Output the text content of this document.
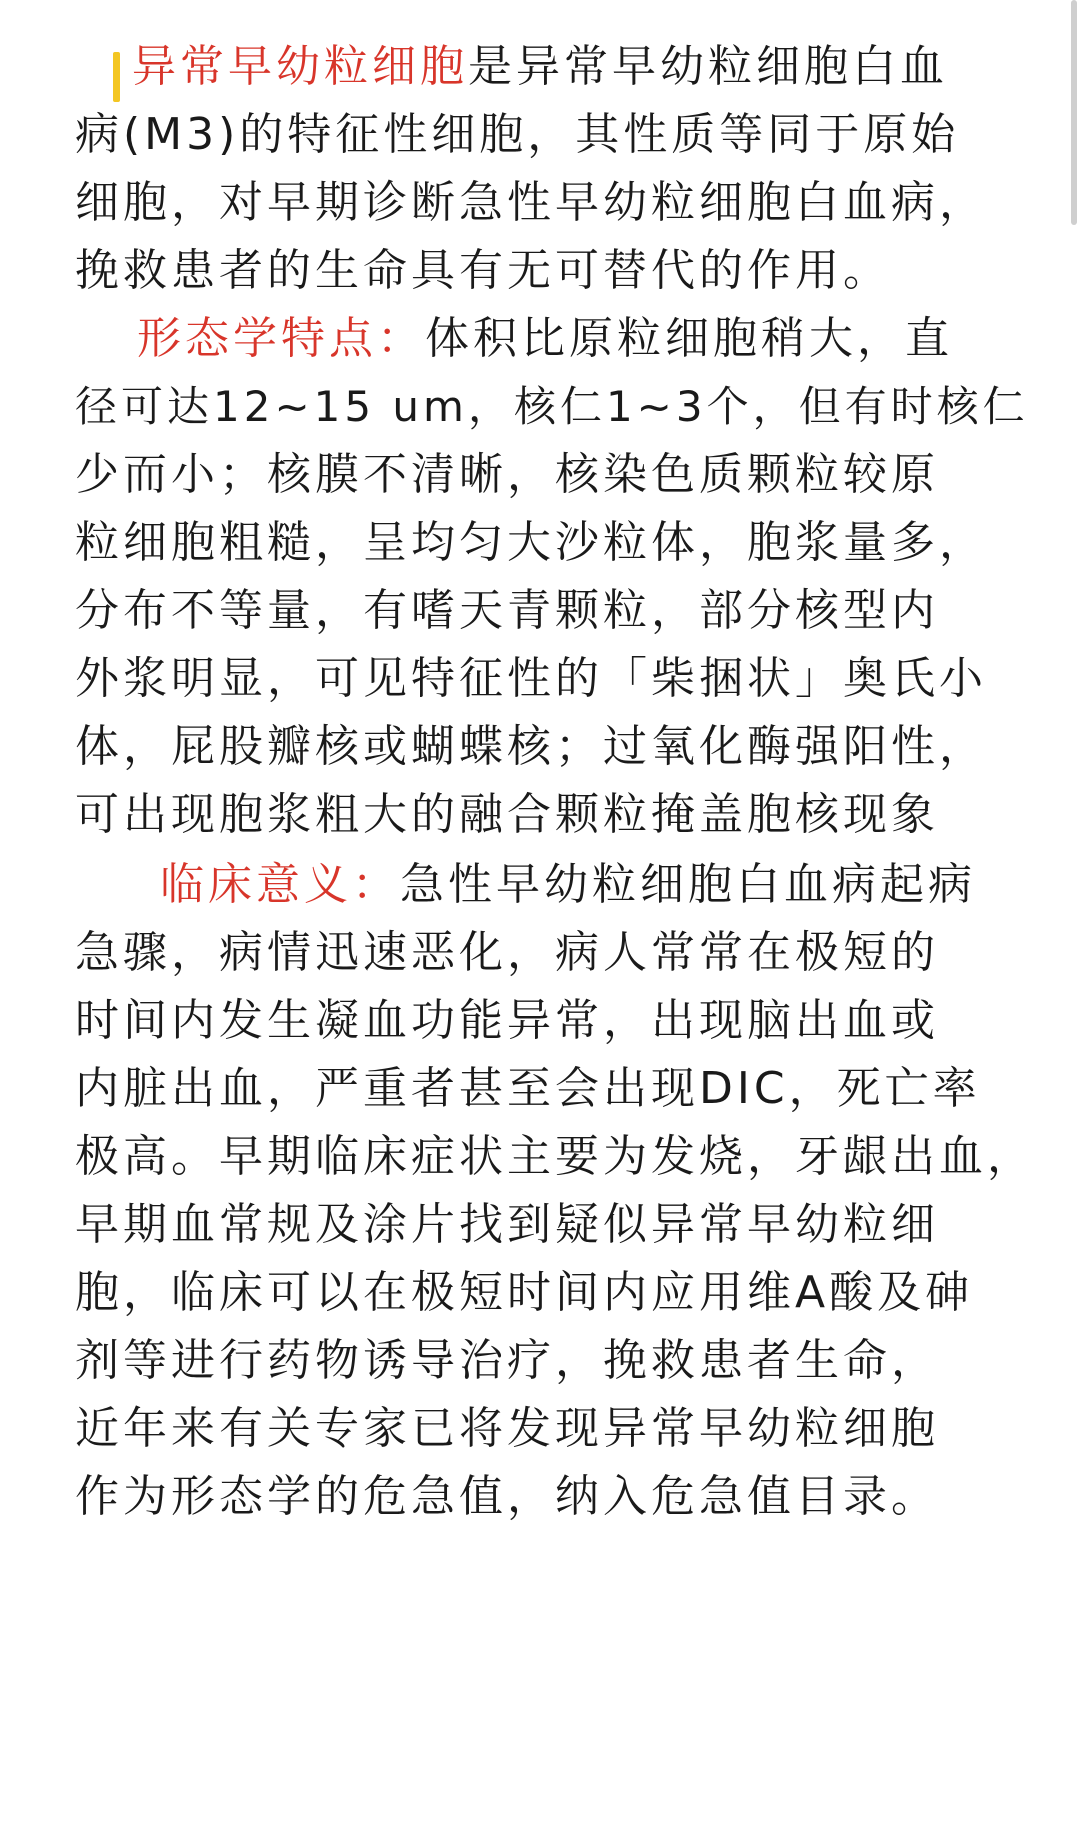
异常早幼粒细胞是异常早幼粒细胞白血
病(M3)的特征性细胞，其性质等同于原始
细胞，对早期诊断急性早幼粒细胞白血病，
挽救患者的生命具有无可替代的作用。
形态学特点：体积比原粒细胞稍大，直
径可达12~15 um，核仁1~3个，但有时核仁
少而小；核膜不清晰，核染色质颗粒较原
粒细胞粗糙，呈均匀大沙粒体，胞浆量多，
分布不等量，有嗜天青颗粒，部分核型内
外浆明显，可见特征性的「柴捆状」奥氏小
体，屁股瓣核或蝴蝶核；过氧化酶强阳性，
可出现胞浆粗大的融合颗粒掩盖胞核现象
临床意义：急性早幼粒细胞白血病起病
急骤，病情迅速恶化，病人常常在极短的
时间内发生凝血功能异常，出现脑出血或
内脏出血，严重者甚至会出现DIC，死亡率
极高。早期临床症状主要为发烧，牙龈出血，
早期血常规及涂片找到疑似异常早幼粒细
胞，临床可以在极短时间内应用维A酸及砷
剂等进行药物诱导治疗，挽救患者生命，
近年来有关专家已将发现异常早幼粒细胞
作为形态学的危急值，纳入危急值目录。
